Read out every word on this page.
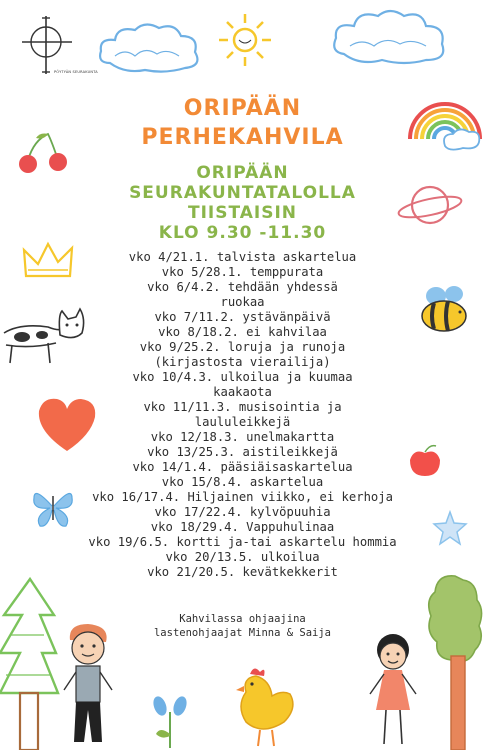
PÖYTYÄN SEURAKUNTA
ORIPÄÄN
PERHEKAHVILA
ORIPÄÄN
SEURAKUNTATALOLLA
TIISTAISIN
KLO 9.30 -11.30
vko 4/21.1. talvista askartelua
vko 5/28.1. temppurata
vko 6/4.2. tehdään yhdessä
ruokaa
vko 7/11.2. ystävänpäivä
vko 8/18.2. ei kahvilaa
vko 9/25.2. loruja ja runoja
(kirjastosta vierailija)
vko 10/4.3. ulkoilua ja kuumaa
kaakaota
vko 11/11.3. musisointia ja
laululeikkejä
vko 12/18.3. unelmakartta
vko 13/25.3. aistileikkejä
vko 14/1.4. pääsiäisaskartelua
vko 15/8.4. askartelua
vko 16/17.4. Hiljainen viikko, ei kerhoja
vko 17/22.4. kylvöpuuhia
vko 18/29.4. Vappuhulinaa
vko 19/6.5. kortti ja-tai askartelu hommia
vko 20/13.5. ulkoilua
vko 21/20.5. kevätkekkerit
Kahvilassa ohjaajina
lastenohjaajat Minna & Saija
